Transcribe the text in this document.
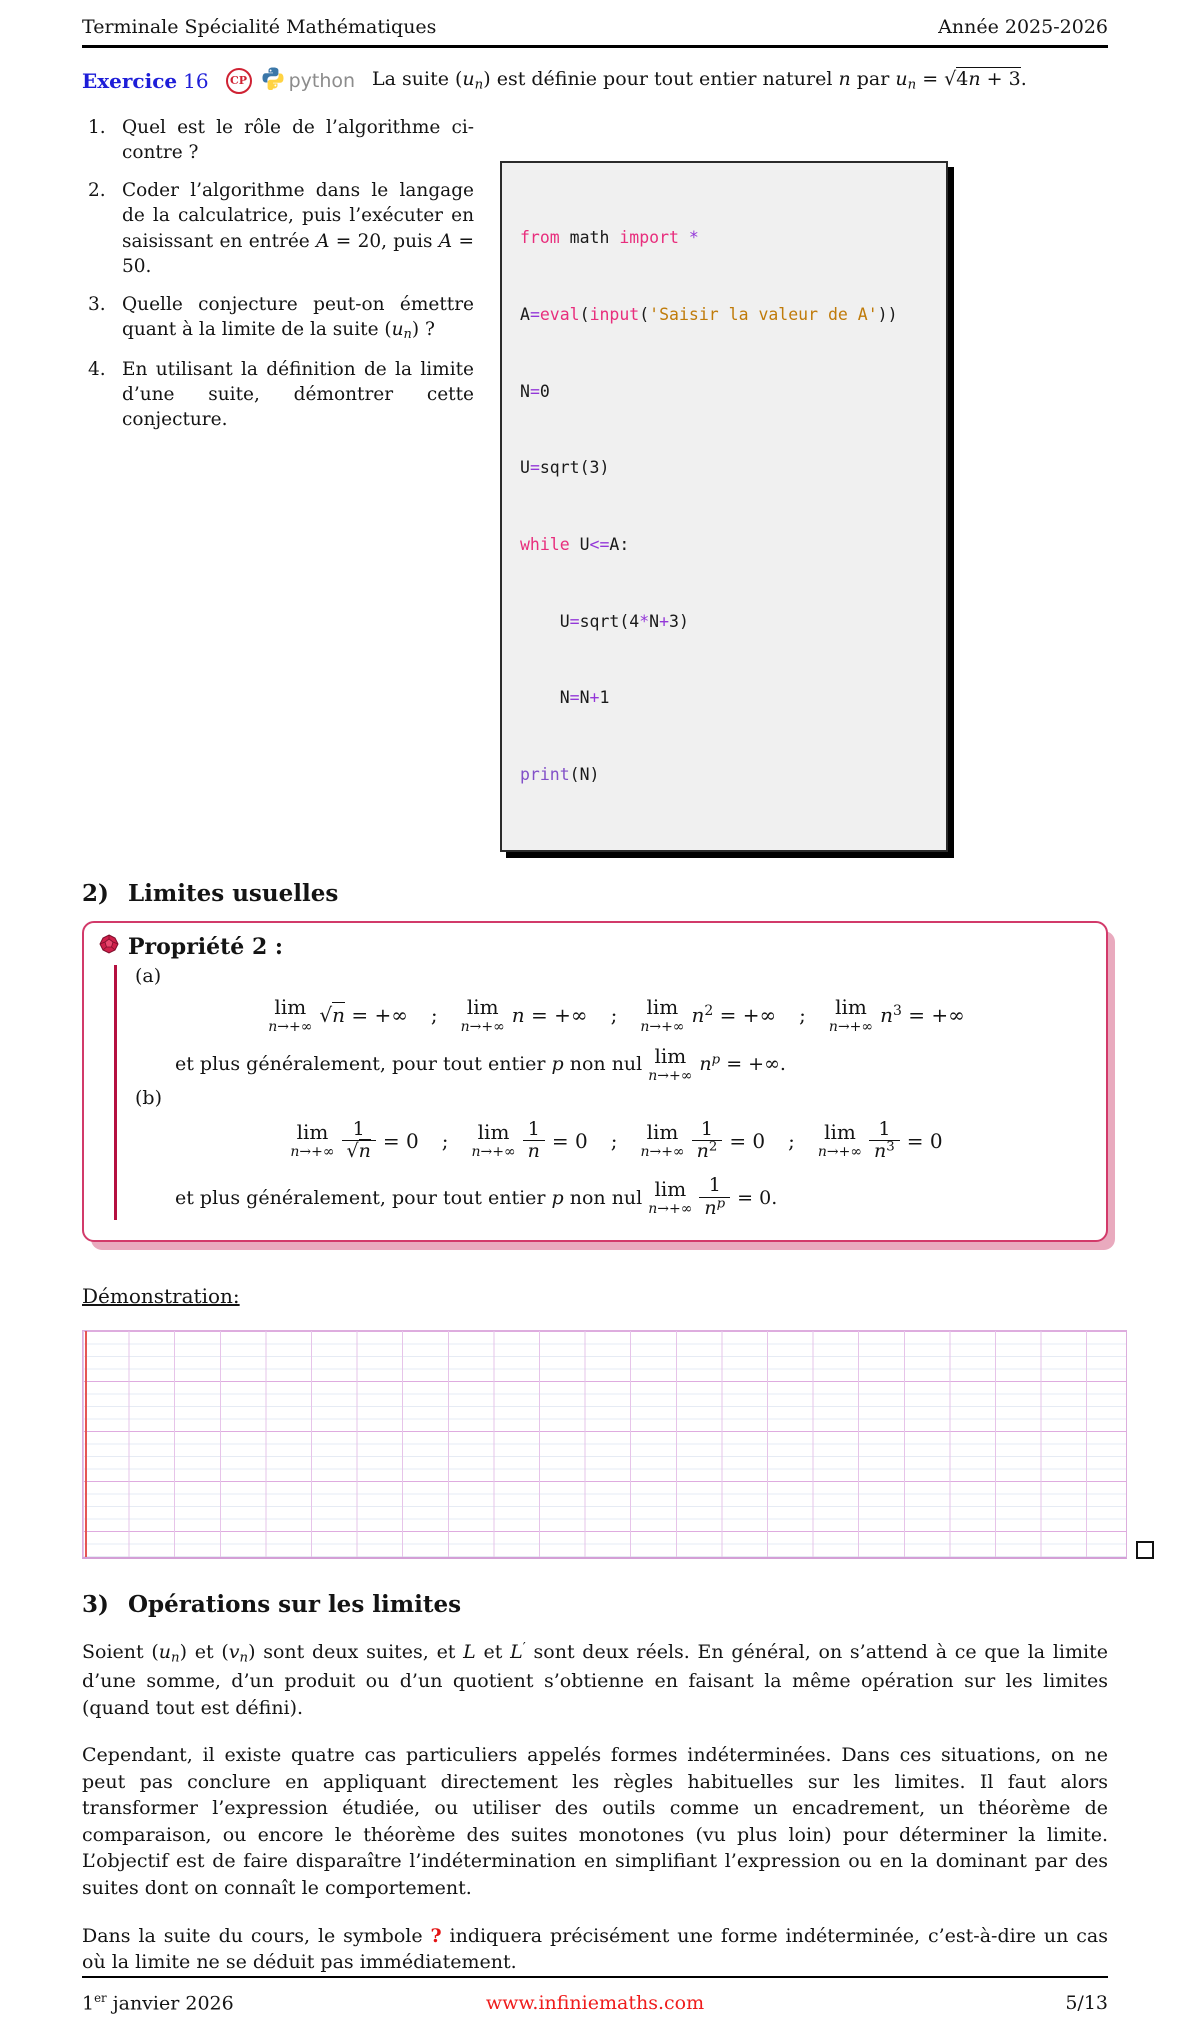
Terminale Spécialité Mathématiques	Année 2025-2026
Exercice 16	CP python La suite (un) est définie pour tout entier naturel n par un = √4n + 3.
1. Quel est le rôle de l’algorithme ci-contre ?
2. Coder l’algorithme dans le langage de la calculatrice, puis l’exécuter en saisissant en entrée A = 20, puis A = 50.
3. Quelle conjecture peut-on émettre quant à la limite de la suite (un) ?
4. En utilisant la définition de la limite d’une suite, démontrer cette conjecture.

from math import *

A=eval(input('Saisir la valeur de A'))

N=0

U=sqrt(3)

while U<=A:

U=sqrt(4*N+3)

N=N+1

print(N)

2) Limites usuelles
Propriété 2 :
(a)
lim
n→+∞ √n = +∞ ; lim
n→+∞ n = +∞ ; lim
n→+∞ $n^2$ = +∞ ; lim
n→+∞ $n^3$ = +∞
et plus généralement, pour tout entier p non nul lim
n→+∞
$n^p$ = +∞.
(b)
lim
$n\to+\infty \frac{1}{√n} = 0$ ; lim
$n\to+\infty \frac{1}{n} = 0$ ; lim
$n\to+\infty \frac{1}{n^2} = 0$ ; lim
$n\to+\infty \frac{1}{n^3} = 0$
et plus généralement, pour tout entier p non nul lim
$n\to+\infty \frac{1}{n^p} = 0$.
Démonstration:
3) Opérations sur les limites
Soient (un) et (vn) sont deux suites, et L et L′ sont deux réels. En général, on s’attend à ce que la limite d’une somme, d’un produit ou d’un quotient s’obtienne en faisant la même opération sur les limites (quand tout est défini).
Cependant, il existe quatre cas particuliers appelés formes indéterminées. Dans ces situations, on ne peut pas conclure en appliquant directement les règles habituelles sur les limites. Il faut alors transformer l’expression étudiée, ou utiliser des outils comme un encadrement, un théorème de comparaison, ou encore le théorème des suites monotones (vu plus loin) pour déterminer la limite. L’objectif est de faire disparaître l’indétermination en simplifiant l’expression ou en la dominant par des suites dont on connaît le comportement.
Dans la suite du cours, le symbole ? indiquera précisément une forme indéterminée, c’est-à-dire un cas où la limite ne se déduit pas immédiatement.
1er janvier 2026	www.infiniemaths.com	5/13
